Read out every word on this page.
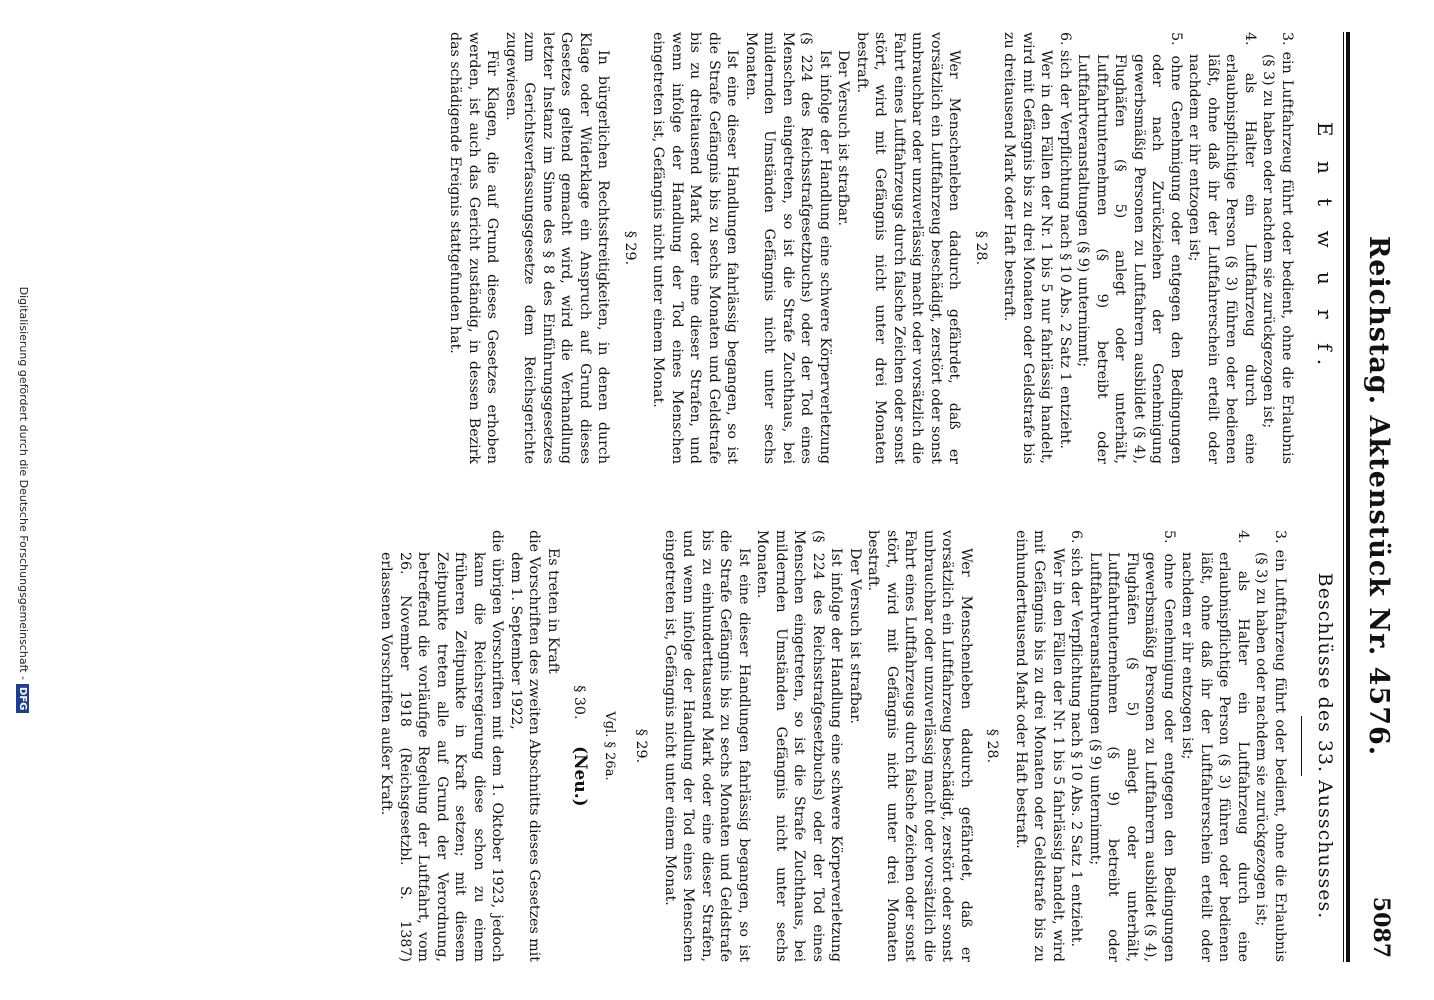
Reichstag. Aktenstück Nr. 4576.
5087
E n t w u r f.

3. ein Luftfahrzeug führt oder bedient, ohne die Erlaubnis (§ 3) zu haben oder nachdem sie zurückgezogen ist;

4. als Halter ein Luftfahrzeug durch eine erlaubnispflichtige Person (§ 3) führen oder bedienen läßt, ohne daß ihr der Luftfahrerschein erteilt oder nachdem er ihr entzogen ist;

5. ohne Genehmigung oder entgegen den Bedingungen oder nach Zurückziehen der Genehmigung gewerbsmäßig Personen zu Luftfahrern ausbildet (§ 4), Flughäfen (§ 5) anlegt oder unterhält, Luftfahrtunternehmen (§ 9) betreibt oder Luftfahrtveranstaltungen (§ 9) unternimmt;

6. sich der Verpflichtung nach § 10 Abs. 2 Satz 1 entzieht.

Wer in den Fällen der Nr. 1 bis 5 nur fahrlässig handelt, wird mit Gefängnis bis zu drei Monaten oder Geldstrafe bis zu dreitausend Mark oder Haft bestraft.

§ 28.

Wer Menschenleben dadurch gefährdet, daß er vorsätzlich ein Luftfahrzeug beschädigt, zerstört oder sonst unbrauchbar oder unzuverlässig macht oder vorsätzlich die Fahrt eines Luftfahrzeugs durch falsche Zeichen oder sonst stört, wird mit Gefängnis nicht unter drei Monaten bestraft.

Der Versuch ist strafbar.

Ist infolge der Handlung eine schwere Körperverletzung (§ 224 des Reichsstrafgesetzbuchs) oder der Tod eines Menschen eingetreten, so ist die Strafe Zuchthaus, bei mildernden Umständen Gefängnis nicht unter sechs Monaten.

Ist eine dieser Handlungen fahrlässig begangen, so ist die Strafe Gefängnis bis zu sechs Monaten und Geldstrafe bis zu dreitausend Mark oder eine dieser Strafen, und wenn infolge der Handlung der Tod eines Menschen eingetreten ist, Gefängnis nicht unter einem Monat.

§ 29.

In bürgerlichen Rechtsstreitigkeiten, in denen durch Klage oder Widerklage ein Anspruch auf Grund dieses Gesetzes geltend gemacht wird, wird die Verhandlung letzter Instanz im Sinne des § 8 des Einführungsgesetzes zum Gerichtsverfassungsgesetze dem Reichsgerichte zugewiesen.

Für Klagen, die auf Grund dieses Gesetzes erhoben werden, ist auch das Gericht zuständig, in dessen Bezirk das schädigende Ereignis stattgefunden hat.

Beschlüsse des 33. Ausschusses.

3. ein Luftfahrzeug führt oder bedient, ohne die Erlaubnis (§ 3) zu haben oder nachdem sie zurückgezogen ist;

4. als Halter ein Luftfahrzeug durch eine erlaubnispflichtige Person (§ 3) führen oder bedienen läßt, ohne daß ihr der Luftfahrerschein erteilt oder nachdem er ihr entzogen ist;

5. ohne Genehmigung oder entgegen den Bedingungen gewerbsmäßig Personen zu Luftfahrern ausbildet (§ 4), Flughäfen (§ 5) anlegt oder unterhält, Luftfahrtunternehmen (§ 9) betreibt oder Luftfahrtveranstaltungen (§ 9) unternimmt;

6. sich der Verpflichtung nach § 10 Abs. 2 Satz 1 entzieht.

Wer in den Fällen der Nr. 1 bis 5 fahrlässig handelt, wird mit Gefängnis bis zu drei Monaten oder Geldstrafe bis zu einhunderttausend Mark oder Haft bestraft.

§ 28.

Wer Menschenleben dadurch gefährdet, daß er vorsätzlich ein Luftfahrzeug beschädigt, zerstört oder sonst unbrauchbar oder unzuverlässig macht oder vorsätzlich die Fahrt eines Luftfahrzeugs durch falsche Zeichen oder sonst stört, wird mit Gefängnis nicht unter drei Monaten bestraft.

Der Versuch ist strafbar.

Ist infolge der Handlung eine schwere Körperverletzung (§ 224 des Reichsstrafgesetzbuchs) oder der Tod eines Menschen eingetreten, so ist die Strafe Zuchthaus, bei mildernden Umständen Gefängnis nicht unter sechs Monaten.

Ist eine dieser Handlungen fahrlässig begangen, so ist die Strafe Gefängnis bis zu sechs Monaten und Geldstrafe bis zu einhunderttausend Mark oder eine dieser Strafen, und wenn infolge der Handlung der Tod eines Menschen eingetreten ist, Gefängnis nicht unter einem Monat.

§ 29.
Vgl. § 26a.
§ 30. (Neu.)

Es treten in Kraft

die Vorschriften des zweiten Abschnitts dieses Gesetzes mit dem 1. September 1922,

die übrigen Vorschriften mit dem 1. Oktober 1923, jedoch kann die Reichsregierung diese schon zu einem früheren Zeitpunkte in Kraft setzen; mit diesem Zeitpunkte treten alle auf Grund der Verordnung, betreffend die vorläufige Regelung der Luftfahrt, vom 26. November 1918 (Reichsgesetzbl. S. 1387) erlassenen Vorschriften außer Kraft.

Digitalisierung gefördert durch die Deutsche Forschungsgemeinschaft -DFG
